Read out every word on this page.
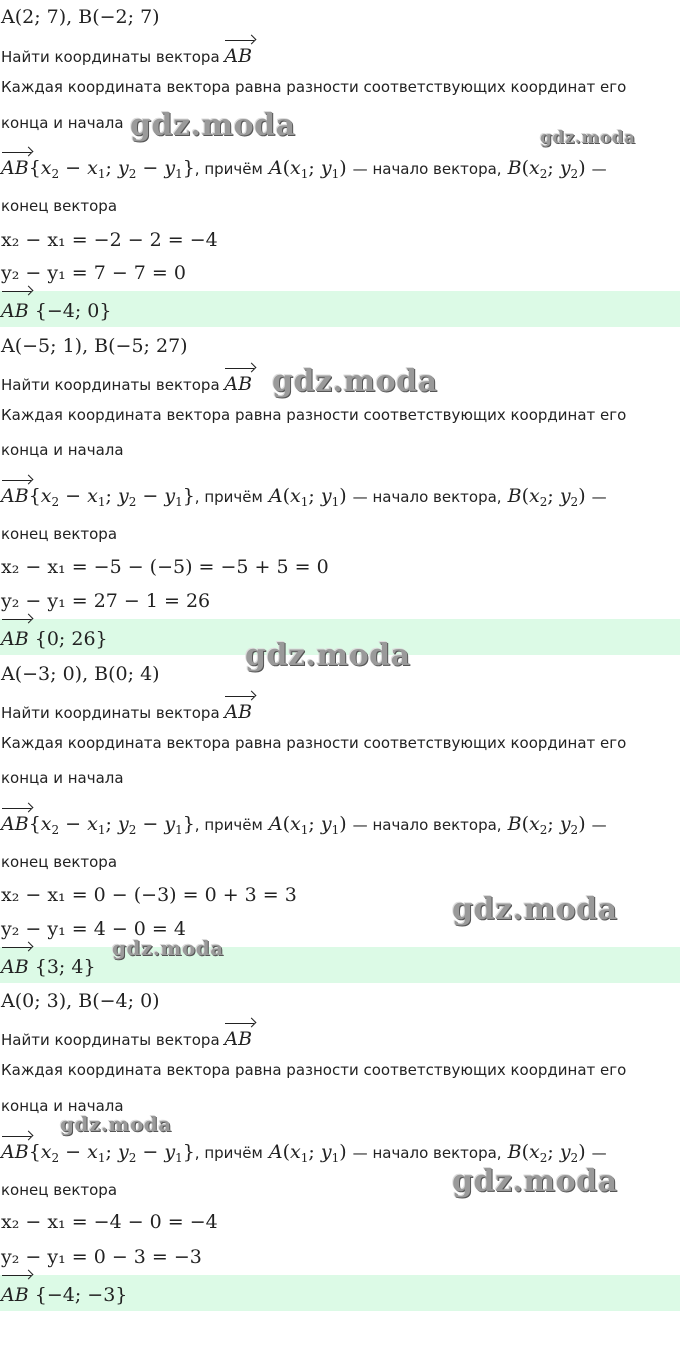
A(2; 7), B(−2; 7)
Найти координаты вектора AB
Каждая координата вектора равна разности соответствующих координат его
конца и начала
$AB\{x_2 - x_1$; $y_2 - y_1$}, причём $A(x_1$; $y_1$) — начало вектора, $B(x_2$; $y_2$) —
конец вектора
x₂ − x₁ = −2 − 2 = −4
y₂ − y₁ = 7 − 7 = 0
AB {−4; 0}
A(−5; 1), B(−5; 27)
Найти координаты вектора AB
Каждая координата вектора равна разности соответствующих координат его
конца и начала
$AB\{x_2 - x_1$; $y_2 - y_1$}, причём $A(x_1$; $y_1$) — начало вектора, $B(x_2$; $y_2$) —
конец вектора
x₂ − x₁ = −5 − (−5) = −5 + 5 = 0
y₂ − y₁ = 27 − 1 = 26
AB {0; 26}
A(−3; 0), B(0; 4)
Найти координаты вектора AB
Каждая координата вектора равна разности соответствующих координат его
конца и начала
$AB\{x_2 - x_1$; $y_2 - y_1$}, причём $A(x_1$; $y_1$) — начало вектора, $B(x_2$; $y_2$) —
конец вектора
x₂ − x₁ = 0 − (−3) = 0 + 3 = 3
y₂ − y₁ = 4 − 0 = 4
AB {3; 4}
A(0; 3), B(−4; 0)
Найти координаты вектора AB
Каждая координата вектора равна разности соответствующих координат его
конца и начала
$AB\{x_2 - x_1$; $y_2 - y_1$}, причём $A(x_1$; $y_1$) — начало вектора, $B(x_2$; $y_2$) —
конец вектора
x₂ − x₁ = −4 − 0 = −4
y₂ − y₁ = 0 − 3 = −3
AB {−4; −3}
gdz.moda	gdz.moda
gdz.moda
gdz.moda
gdz.moda
gdz.moda
gdz.moda
gdz.moda
